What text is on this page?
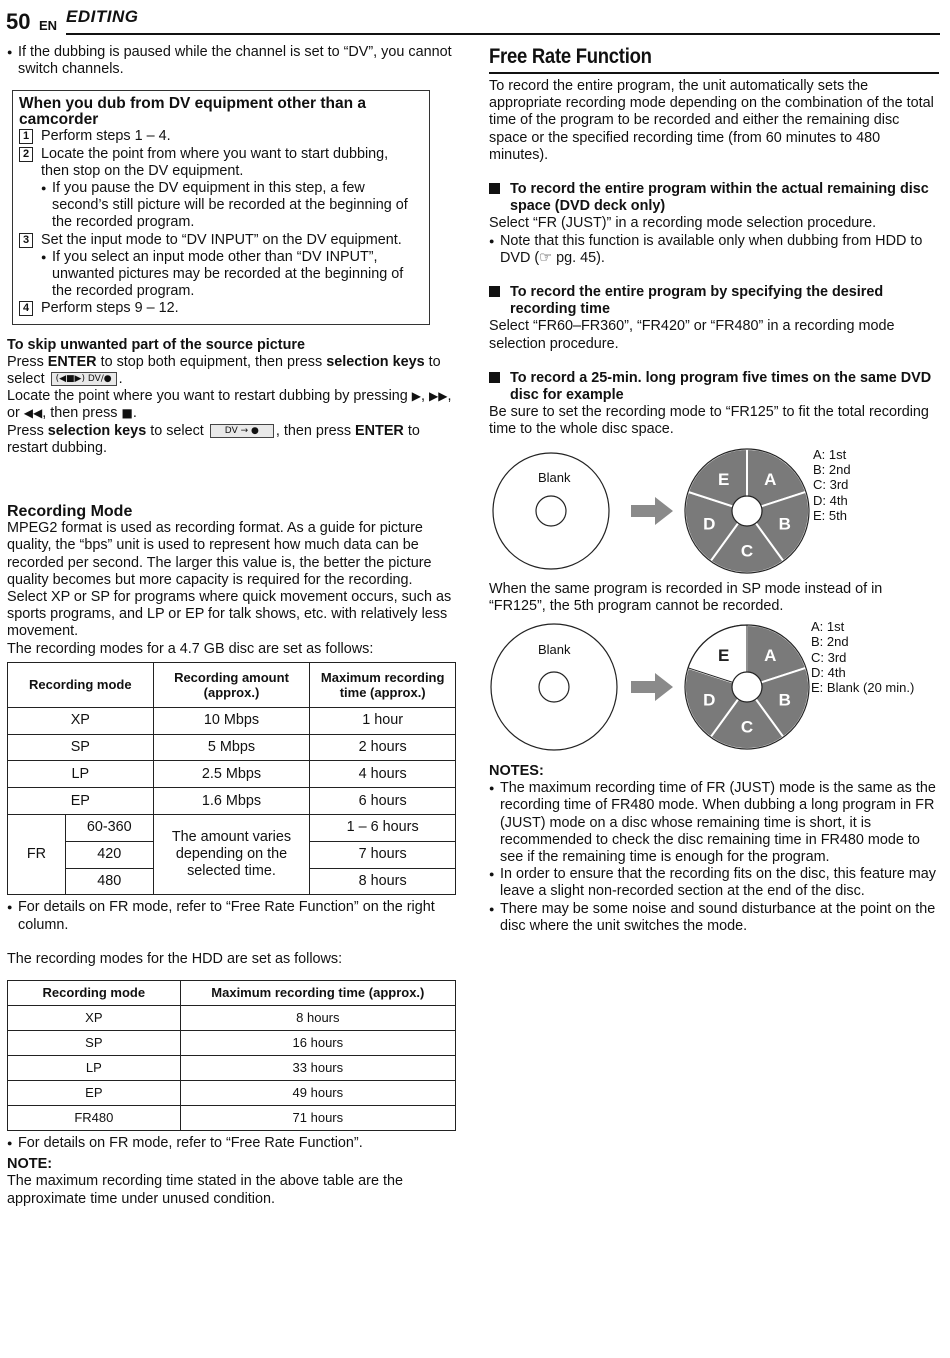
50 EN EDITING
● If the dubbing is paused while the channel is set to “DV”, you cannot switch channels.
When you dub from DV equipment other than a camcorder
1 Perform steps 1 – 4.
2 Locate the point from where you want to start dubbing, then stop on the DV equipment.
● If you pause the DV equipment in this step, a few second’s still picture will be recorded at the beginning of the recorded program.
3 Set the input mode to “DV INPUT” on the DV equipment.
● If you select an input mode other than “DV INPUT”, unwanted pictures may be recorded at the beginning of the recorded program.
4 Perform steps 9 – 12.
To skip unwanted part of the source picture
Press ENTER to stop both equipment, then press selection keys to select (◀■▶) DV/● .
Locate the point where you want to restart dubbing by pressing ▶, ▶▶, or ◀◀, then press ■.
Press selection keys to select DV → ● , then press ENTER to restart dubbing.
Recording Mode
MPEG2 format is used as recording format. As a guide for picture quality, the “bps” unit is used to represent how much data can be recorded per second. The larger this value is, the better the picture quality becomes but more capacity is required for the recording. Select XP or SP for programs where quick movement occurs, such as sports programs, and LP or EP for talk shows, etc. with relatively less movement.
The recording modes for a 4.7 GB disc are set as follows:
Recording mode		Recording amount (approx.)	Maximum recording time (approx.)
XP		10 Mbps	1 hour
SP		5 Mbps	2 hours
LP		2.5 Mbps	4 hours
EP		1.6 Mbps	6 hours
FR	60-360	The amount varies depending on the selected time.	1 – 6 hours
	420		7 hours
	480		8 hours
● For details on FR mode, refer to “Free Rate Function” on the right column.
The recording modes for the HDD are set as follows:
Recording mode	Maximum recording time (approx.)
XP	8 hours
SP	16 hours
LP	33 hours
EP	49 hours
FR480	71 hours
● For details on FR mode, refer to “Free Rate Function”.
NOTE:
The maximum recording time stated in the above table are the approximate time under unused condition.
Free Rate Function
To record the entire program, the unit automatically sets the appropriate recording mode depending on the combination of the total time of the program to be recorded and either the remaining disc space or the specified recording time (from 60 minutes to 480 minutes).
To record the entire program within the actual remaining disc space (DVD deck only)
Select “FR (JUST)” in a recording mode selection procedure.
● Note that this function is available only when dubbing from HDD to DVD (☞ pg. 45).
To record the entire program by specifying the desired recording time
Select “FR60–FR360”, “FR420” or “FR480” in a recording mode selection procedure.
To record a 25-min. long program five times on the same DVD disc for example
Be sure to set the recording mode to “FR125” to fit the total recording time to the whole disc space.
A
B
C
D
E
Blank
A: 1st
B: 2nd
C: 3rd
D: 4th
E: 5th
When the same program is recorded in SP mode instead of in “FR125”, the 5th program cannot be recorded.
A
B
C
D
E
Blank
A: 1st
B: 2nd
C: 3rd
D: 4th
E: Blank (20 min.)
NOTES:
● The maximum recording time of FR (JUST) mode is the same as the recording time of FR480 mode. When dubbing a long program in FR (JUST) mode on a disc whose remaining time is short, it is recommended to check the disc remaining time in FR480 mode to see if the remaining time is enough for the program.
● In order to ensure that the recording fits on the disc, this feature may leave a slight non-recorded section at the end of the disc.
● There may be some noise and sound disturbance at the point on the disc where the unit switches the mode.
